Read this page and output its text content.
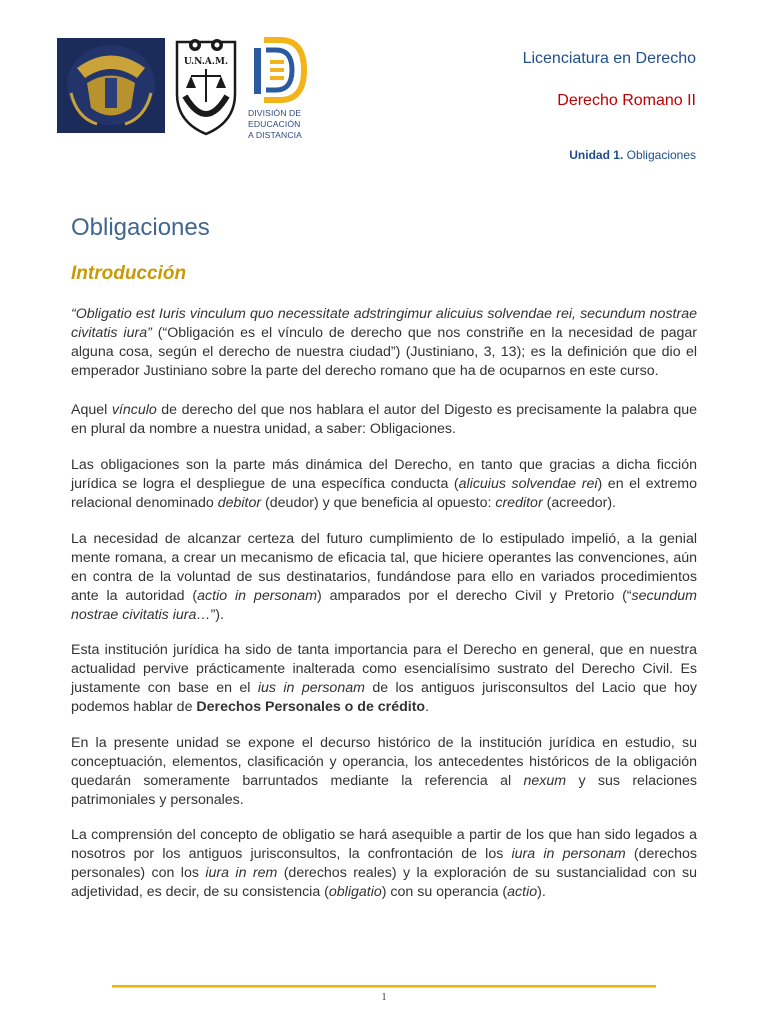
U.N.A.M.
DIVISIÓN DE
EDUCACIÓN
A DISTANCIA
Licenciatura en Derecho
Derecho Romano II
Unidad 1. Obligaciones
Obligaciones
Introducción
“Obligatio est Iuris vinculum quo necessitate adstringimur alicuius solvendae rei, secundum nostrae civitatis iura” (“Obligación es el vínculo de derecho que nos constriñe en la necesidad de pagar alguna cosa, según el derecho de nuestra ciudad”) (Justiniano, 3, 13); es la definición que dio el emperador Justiniano sobre la parte del derecho romano que ha de ocuparnos en este curso.
Aquel vínculo de derecho del que nos hablara el autor del Digesto es precisamente la palabra que en plural da nombre a nuestra unidad, a saber: Obligaciones.
Las obligaciones son la parte más dinámica del Derecho, en tanto que gracias a dicha ficción jurídica se logra el despliegue de una específica conducta (alicuius solvendae rei) en el extremo relacional denominado debitor (deudor) y que beneficia al opuesto: creditor (acreedor).
La necesidad de alcanzar certeza del futuro cumplimiento de lo estipulado impelió, a la genial mente romana, a crear un mecanismo de eficacia tal, que hiciere operantes las convenciones, aún en contra de la voluntad de sus destinatarios, fundándose para ello en variados procedimientos ante la autoridad (actio in personam) amparados por el derecho Civil y Pretorio (“secundum nostrae civitatis iura…”).
Esta institución jurídica ha sido de tanta importancia para el Derecho en general, que en nuestra actualidad pervive prácticamente inalterada como esencialísimo sustrato del Derecho Civil. Es justamente con base en el ius in personam de los antiguos jurisconsultos del Lacio que hoy podemos hablar de Derechos Personales o de crédito.
En la presente unidad se expone el decurso histórico de la institución jurídica en estudio, su conceptuación, elementos, clasificación y operancia, los antecedentes históricos de la obligación quedarán someramente barruntados mediante la referencia al nexum y sus relaciones patrimoniales y personales.
La comprensión del concepto de obligatio se hará asequible a partir de los que han sido legados a nosotros por los antiguos jurisconsultos, la confrontación de los iura in personam (derechos personales) con los iura in rem (derechos reales) y la exploración de su sustancialidad con su adjetividad, es decir, de su consistencia (obligatio) con su operancia (actio).
1
